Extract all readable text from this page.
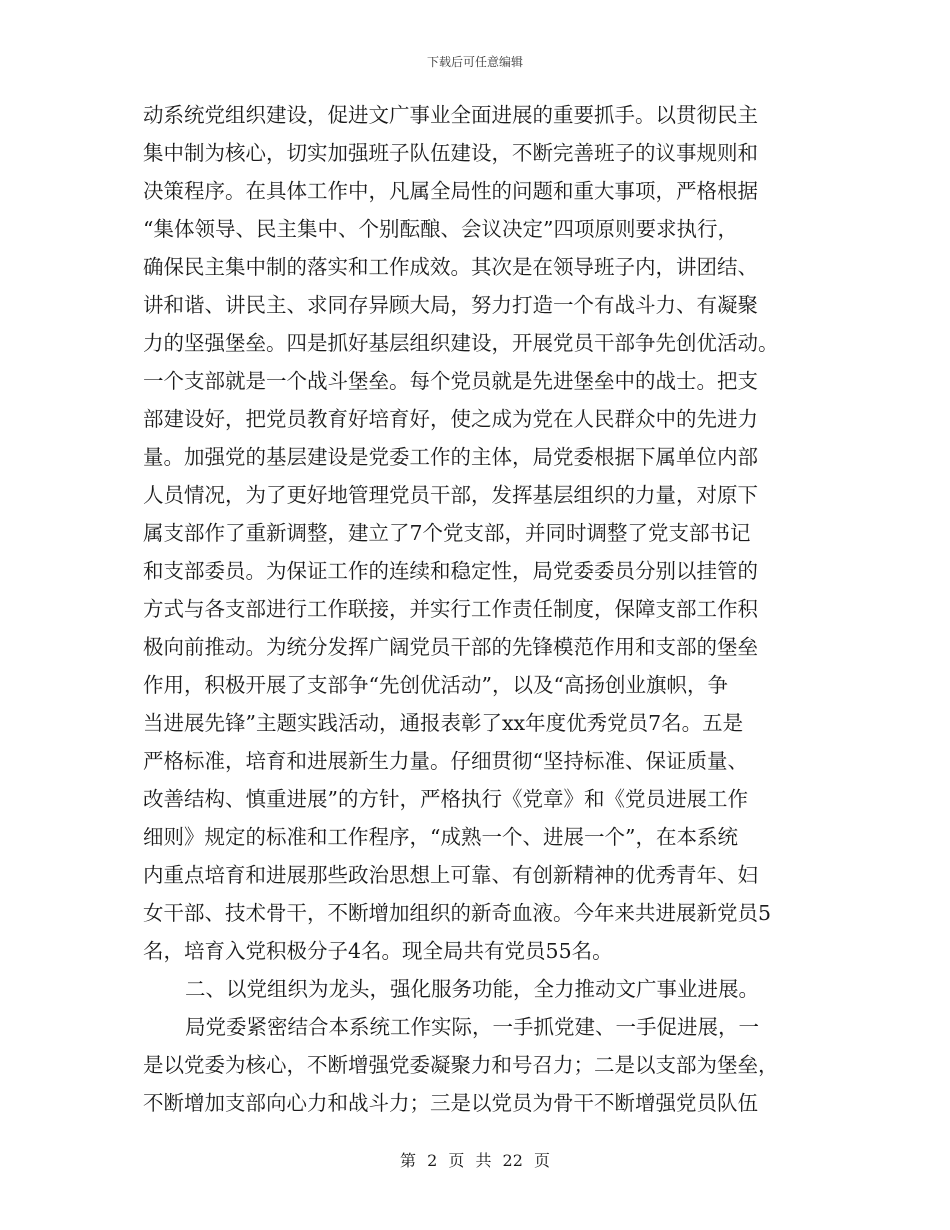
下载后可任意编辑
动系统党组织建设，促进文广事业全面进展的重要抓手。以贯彻民主
集中制为核心，切实加强班子队伍建设，不断完善班子的议事规则和
决策程序。在具体工作中，凡属全局性的问题和重大事项，严格根据
“集体领导、民主集中、个别酝酿、会议决定”四项原则要求执行，
确保民主集中制的落实和工作成效。其次是在领导班子内，讲团结、
讲和谐、讲民主、求同存异顾大局，努力打造一个有战斗力、有凝聚
力的坚强堡垒。四是抓好基层组织建设，开展党员干部争先创优活动。
一个支部就是一个战斗堡垒。每个党员就是先进堡垒中的战士。把支
部建设好，把党员教育好培育好，使之成为党在人民群众中的先进力
量。加强党的基层建设是党委工作的主体，局党委根据下属单位内部
人员情况，为了更好地管理党员干部，发挥基层组织的力量，对原下
属支部作了重新调整，建立了7个党支部，并同时调整了党支部书记
和支部委员。为保证工作的连续和稳定性，局党委委员分别以挂管的
方式与各支部进行工作联接，并实行工作责任制度，保障支部工作积
极向前推动。为统分发挥广阔党员干部的先锋模范作用和支部的堡垒
作用，积极开展了支部争“先创优活动”，以及“高扬创业旗帜，争
当进展先锋”主题实践活动，通报表彰了xx年度优秀党员7名。五是
严格标准，培育和进展新生力量。仔细贯彻“坚持标准、保证质量、
改善结构、慎重进展”的方针，严格执行《党章》和《党员进展工作
细则》规定的标准和工作程序，“成熟一个、进展一个”，在本系统
内重点培育和进展那些政治思想上可靠、有创新精神的优秀青年、妇
女干部、技术骨干，不断增加组织的新奇血液。今年来共进展新党员5
名，培育入党积极分子4名。现全局共有党员55名。
二、以党组织为龙头，强化服务功能，全力推动文广事业进展。
局党委紧密结合本系统工作实际，一手抓党建、一手促进展，一
是以党委为核心，不断增强党委凝聚力和号召力；二是以支部为堡垒，
不断增加支部向心力和战斗力；三是以党员为骨干不断增强党员队伍
第 2 页 共 22 页
